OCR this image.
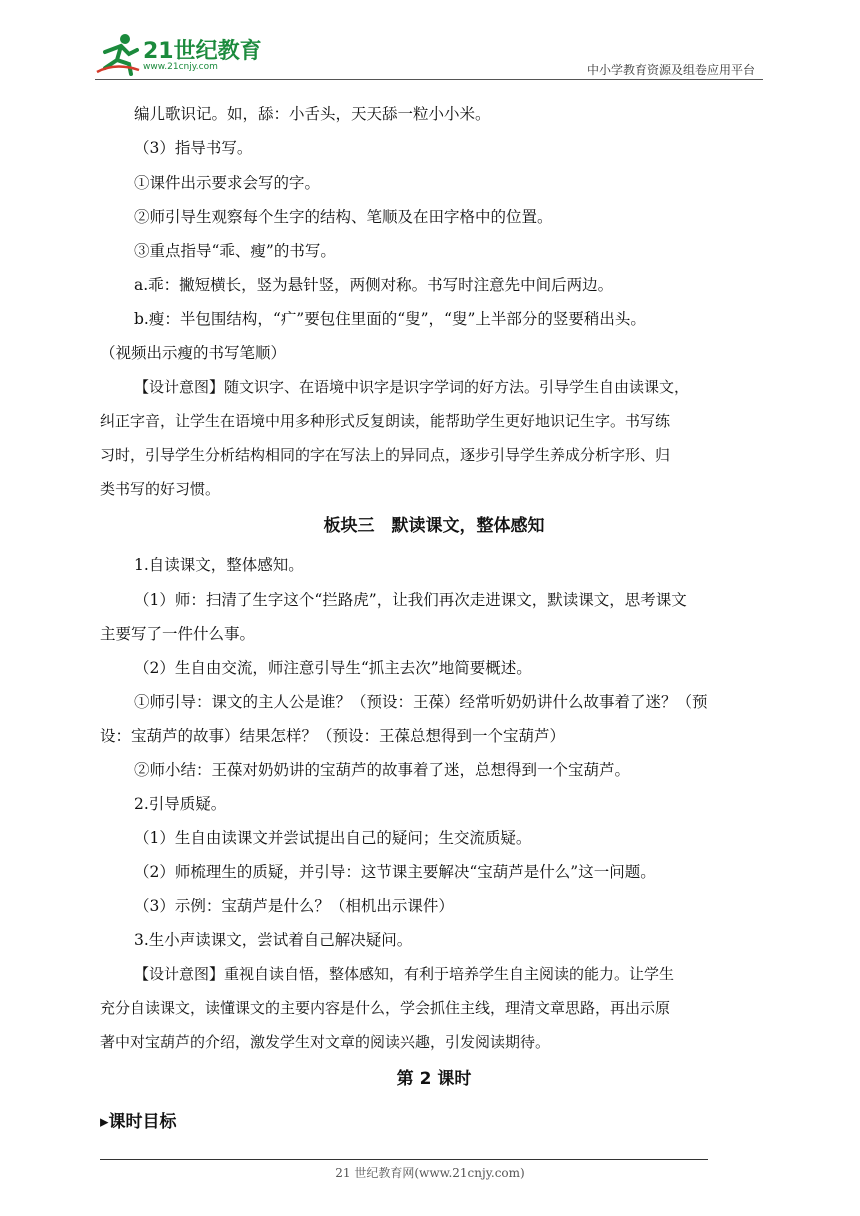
21世纪教育
www.21cnjy.com	中小学教育资源及组卷应用平台
编儿歌识记。如，舔：小舌头，天天舔一粒小小米。
（3）指导书写。
①课件出示要求会写的字。
②师引导生观察每个生字的结构、笔顺及在田字格中的位置。
③重点指导“乖、瘦”的书写。
a.乖：撇短横长，竖为悬针竖，两侧对称。书写时注意先中间后两边。
b.瘦：半包围结构，“疒”要包住里面的“叟”，“叟”上半部分的竖要稍出头。
（视频出示瘦的书写笔顺）
【设计意图】随文识字、在语境中识字是识字学词的好方法。引导学生自由读课文，
纠正字音，让学生在语境中用多种形式反复朗读，能帮助学生更好地识记生字。书写练
习时，引导学生分析结构相同的字在写法上的异同点，逐步引导学生养成分析字形、归
类书写的好习惯。
板块三　默读课文，整体感知
1.自读课文，整体感知。
（1）师：扫清了生字这个“拦路虎”，让我们再次走进课文，默读课文，思考课文
主要写了一件什么事。
（2）生自由交流，师注意引导生“抓主去次”地简要概述。
①师引导：课文的主人公是谁？（预设：王葆）经常听奶奶讲什么故事着了迷？（预
设：宝葫芦的故事）结果怎样？（预设：王葆总想得到一个宝葫芦）
②师小结：王葆对奶奶讲的宝葫芦的故事着了迷，总想得到一个宝葫芦。
2.引导质疑。
（1）生自由读课文并尝试提出自己的疑问；生交流质疑。
（2）师梳理生的质疑，并引导：这节课主要解决“宝葫芦是什么”这一问题。
（3）示例：宝葫芦是什么？（相机出示课件）
3.生小声读课文，尝试着自己解决疑问。
【设计意图】重视自读自悟，整体感知，有利于培养学生自主阅读的能力。让学生
充分自读课文，读懂课文的主要内容是什么，学会抓住主线，理清文章思路，再出示原
著中对宝葫芦的介绍，激发学生对文章的阅读兴趣，引发阅读期待。
第 2 课时
▸课时目标
21 世纪教育网(www.21cnjy.com)
